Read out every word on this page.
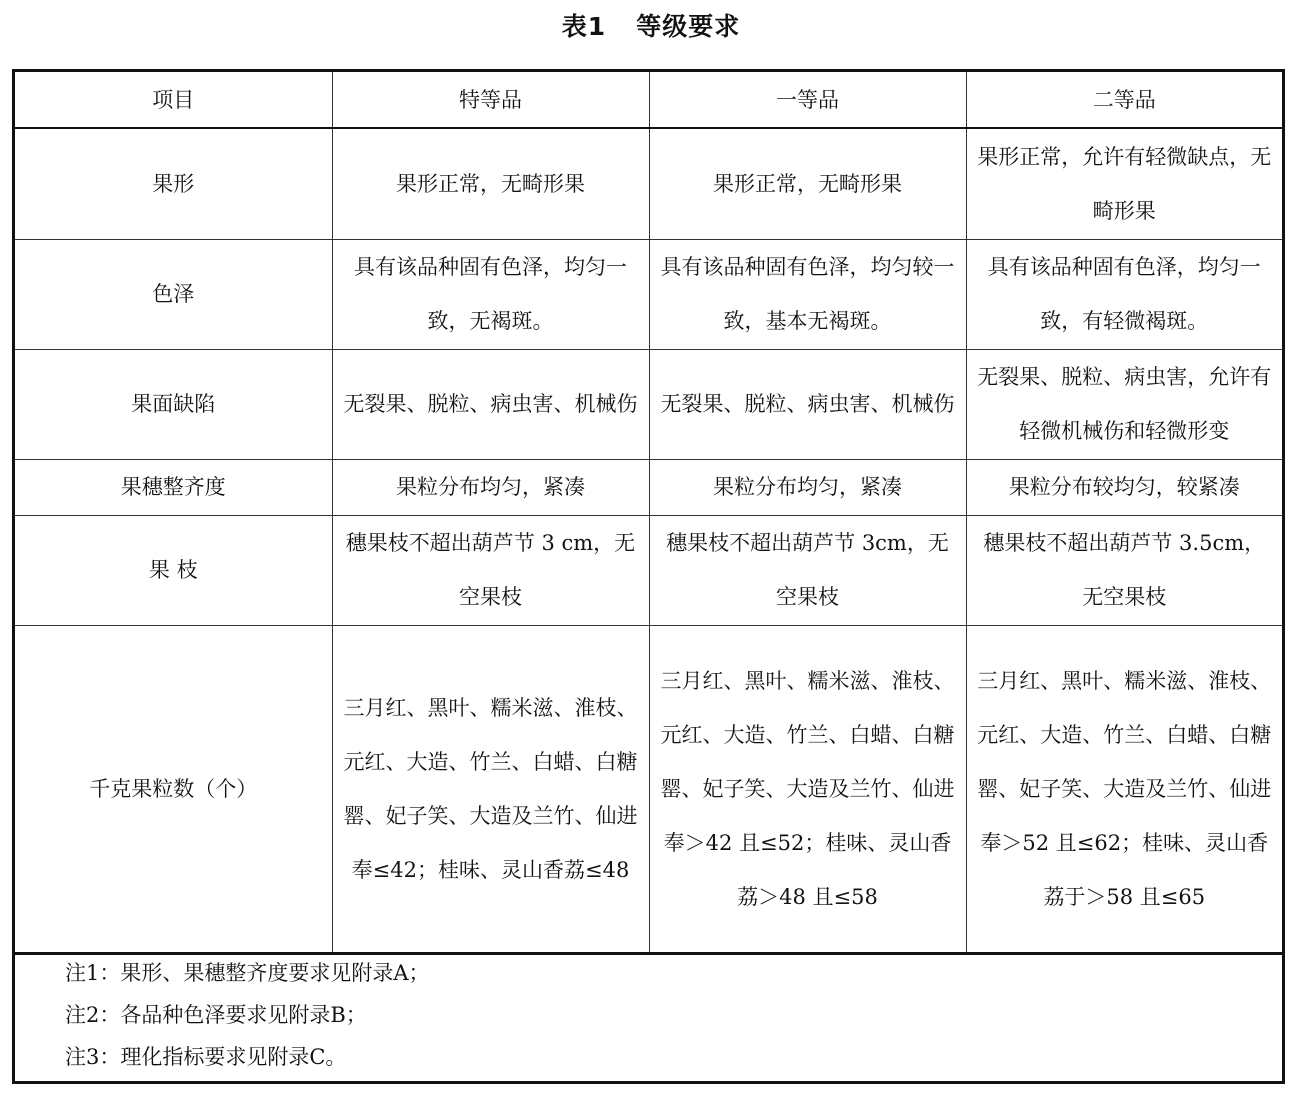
表1 等级要求
项目	特等品	一等品	二等品
果形	果形正常，无畸形果	果形正常，无畸形果	果形正常，允许有轻微缺点，无畸形果
色泽	具有该品种固有色泽，均匀一致，无褐斑。	具有该品种固有色泽，均匀较一致，基本无褐斑。	具有该品种固有色泽，均匀一致，有轻微褐斑。
果面缺陷	无裂果、脱粒、病虫害、机械伤	无裂果、脱粒、病虫害、机械伤	无裂果、脱粒、病虫害，允许有轻微机械伤和轻微形变
果穗整齐度	果粒分布均匀，紧凑	果粒分布均匀，紧凑	果粒分布较均匀，较紧凑
果 枝	穗果枝不超出葫芦节 3 cm，无空果枝	穗果枝不超出葫芦节 3cm，无空果枝	穗果枝不超出葫芦节 3.5cm，无空果枝
千克果粒数（个）	三月红、黑叶、糯米滋、淮枝、元红、大造、竹兰、白蜡、白糖罂、妃子笑、大造及兰竹、仙进奉≤42；桂味、灵山香荔≤48	三月红、黑叶、糯米滋、淮枝、元红、大造、竹兰、白蜡、白糖罂、妃子笑、大造及兰竹、仙进奉＞42 且≤52；桂味、灵山香荔＞48 且≤58	三月红、黑叶、糯米滋、淮枝、元红、大造、竹兰、白蜡、白糖罂、妃子笑、大造及兰竹、仙进奉＞52 且≤62；桂味、灵山香荔于＞58 且≤65
注1：果形、果穗整齐度要求见附录A；
注2：各品种色泽要求见附录B；
注3：理化指标要求见附录C。
